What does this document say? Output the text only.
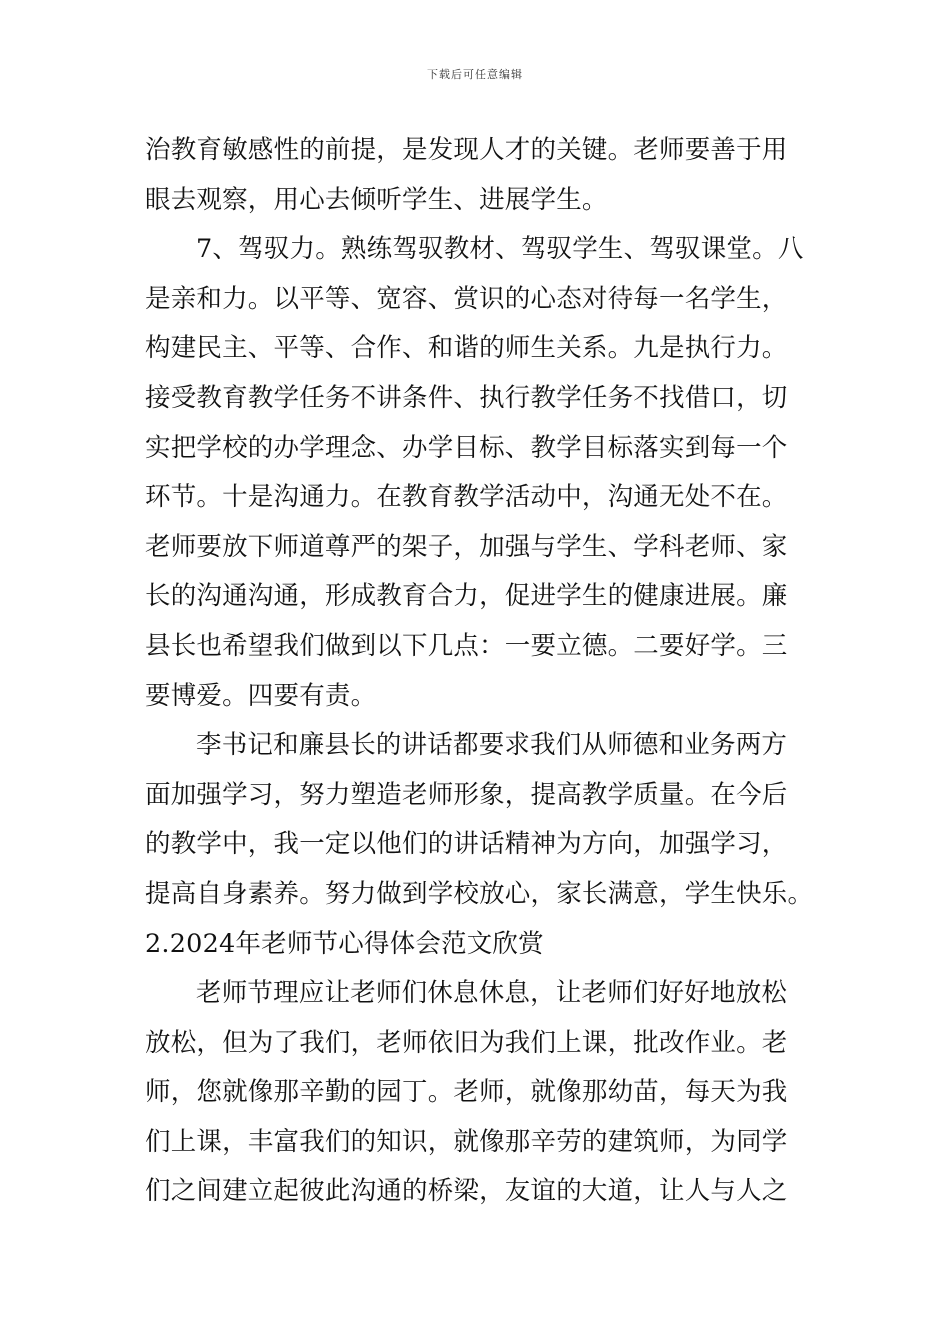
下载后可任意编辑
治教育敏感性的前提，是发现人才的关键。老师要善于用
眼去观察，用心去倾听学生、进展学生。
7、驾驭力。熟练驾驭教材、驾驭学生、驾驭课堂。八
是亲和力。以平等、宽容、赏识的心态对待每一名学生，
构建民主、平等、合作、和谐的师生关系。九是执行力。
接受教育教学任务不讲条件、执行教学任务不找借口，切
实把学校的办学理念、办学目标、教学目标落实到每一个
环节。十是沟通力。在教育教学活动中，沟通无处不在。
老师要放下师道尊严的架子，加强与学生、学科老师、家
长的沟通沟通，形成教育合力，促进学生的健康进展。廉
县长也希望我们做到以下几点：一要立德。二要好学。三
要博爱。四要有责。
李书记和廉县长的讲话都要求我们从师德和业务两方
面加强学习，努力塑造老师形象，提高教学质量。在今后
的教学中，我一定以他们的讲话精神为方向，加强学习，
提高自身素养。努力做到学校放心，家长满意，学生快乐。
2.2024年老师节心得体会范文欣赏
老师节理应让老师们休息休息，让老师们好好地放松
放松，但为了我们，老师依旧为我们上课，批改作业。老
师，您就像那辛勤的园丁。老师，就像那幼苗，每天为我
们上课，丰富我们的知识，就像那辛劳的建筑师，为同学
们之间建立起彼此沟通的桥梁，友谊的大道，让人与人之
